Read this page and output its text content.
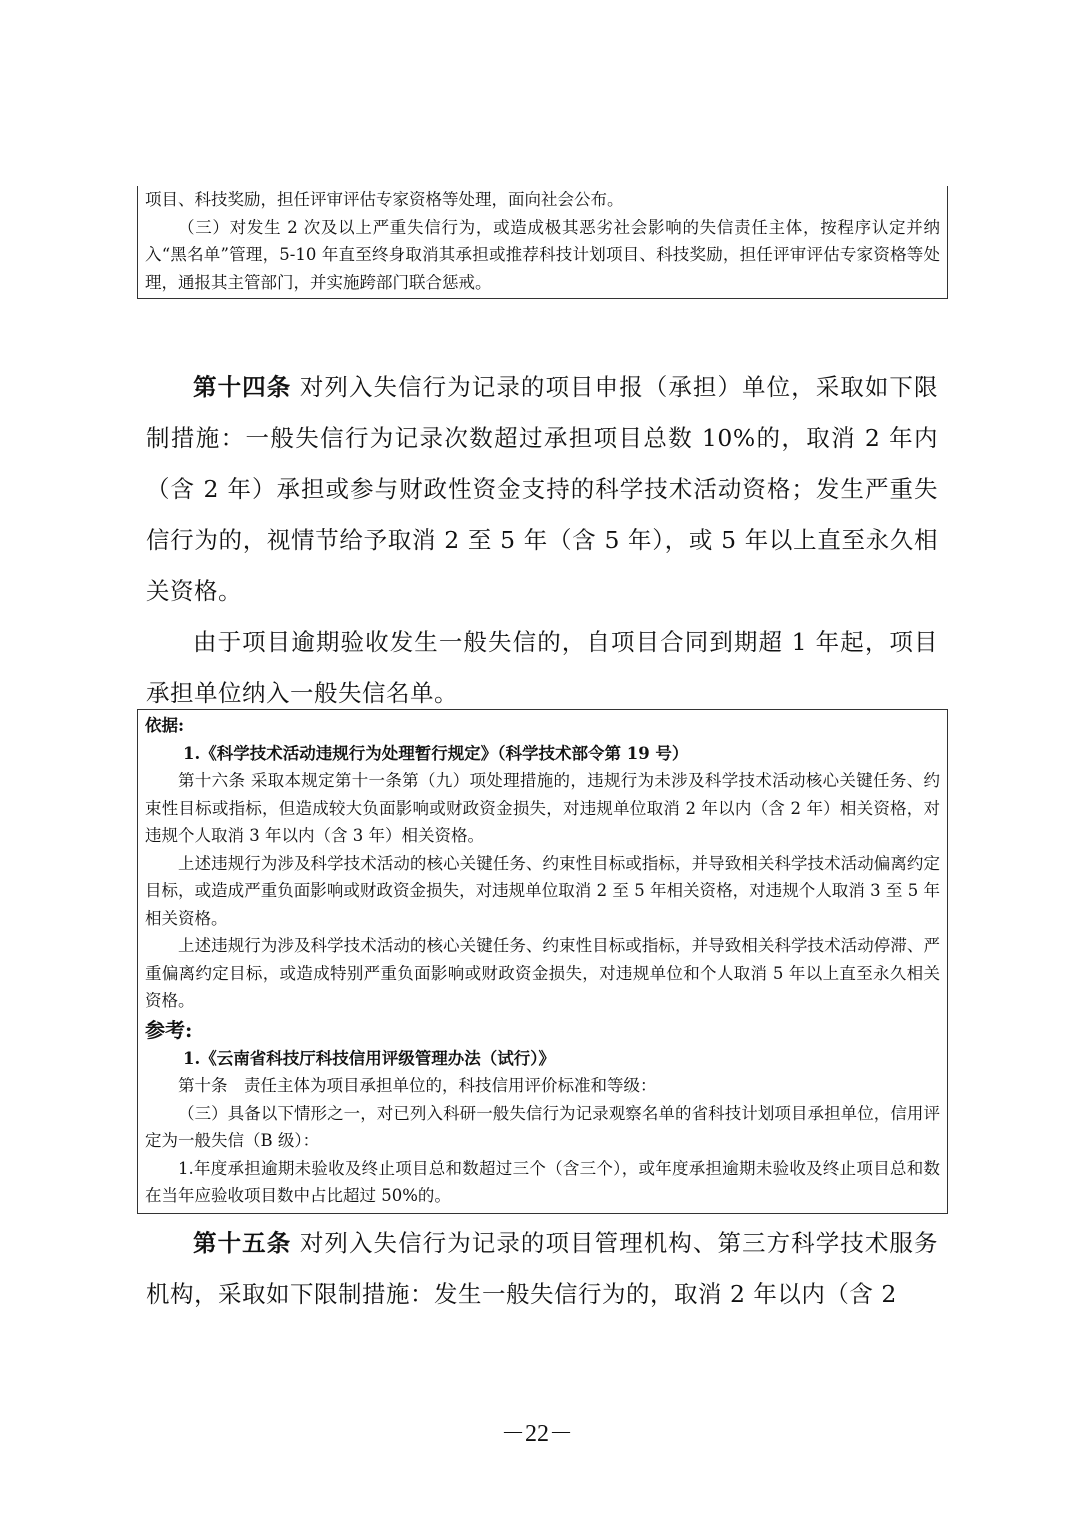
项目、科技奖励，担任评审评估专家资格等处理，面向社会公布。

（三）对发生 2 次及以上严重失信行为，或造成极其恶劣社会影响的失信责任主体，按程序认定并纳入“黑名单”管理，5-10 年直至终身取消其承担或推荐科技计划项目、科技奖励，担任评审评估专家资格等处理，通报其主管部门，并实施跨部门联合惩戒。

第十四条 对列入失信行为记录的项目申报（承担）单位，采取如下限制措施：一般失信行为记录次数超过承担项目总数 10%的，取消 2 年内（含 2 年）承担或参与财政性资金支持的科学技术活动资格；发生严重失信行为的，视情节给予取消 2 至 5 年（含 5 年），或 5 年以上直至永久相关资格。

由于项目逾期验收发生一般失信的，自项目合同到期超 1 年起，项目承担单位纳入一般失信名单。

依据:

1.《科学技术活动违规行为处理暂行规定》（科学技术部令第 19 号）

第十六条 采取本规定第十一条第（九）项处理措施的，违规行为未涉及科学技术活动核心关键任务、约束性目标或指标，但造成较大负面影响或财政资金损失，对违规单位取消 2 年以内（含 2 年）相关资格，对违规个人取消 3 年以内（含 3 年）相关资格。

上述违规行为涉及科学技术活动的核心关键任务、约束性目标或指标，并导致相关科学技术活动偏离约定目标，或造成严重负面影响或财政资金损失，对违规单位取消 2 至 5 年相关资格，对违规个人取消 3 至 5 年相关资格。

上述违规行为涉及科学技术活动的核心关键任务、约束性目标或指标，并导致相关科学技术活动停滞、严重偏离约定目标，或造成特别严重负面影响或财政资金损失，对违规单位和个人取消 5 年以上直至永久相关资格。

参考:

1.《云南省科技厅科技信用评级管理办法（试行）》

第十条　责任主体为项目承担单位的，科技信用评价标准和等级：

（三）具备以下情形之一，对已列入科研一般失信行为记录观察名单的省科技计划项目承担单位，信用评定为一般失信（B 级）：

1.年度承担逾期未验收及终止项目总和数超过三个（含三个），或年度承担逾期未验收及终止项目总和数在当年应验收项目数中占比超过 50%的。

第十五条 对列入失信行为记录的项目管理机构、第三方科学技术服务机构，采取如下限制措施：发生一般失信行为的，取消 2 年以内（含 2

－22－
